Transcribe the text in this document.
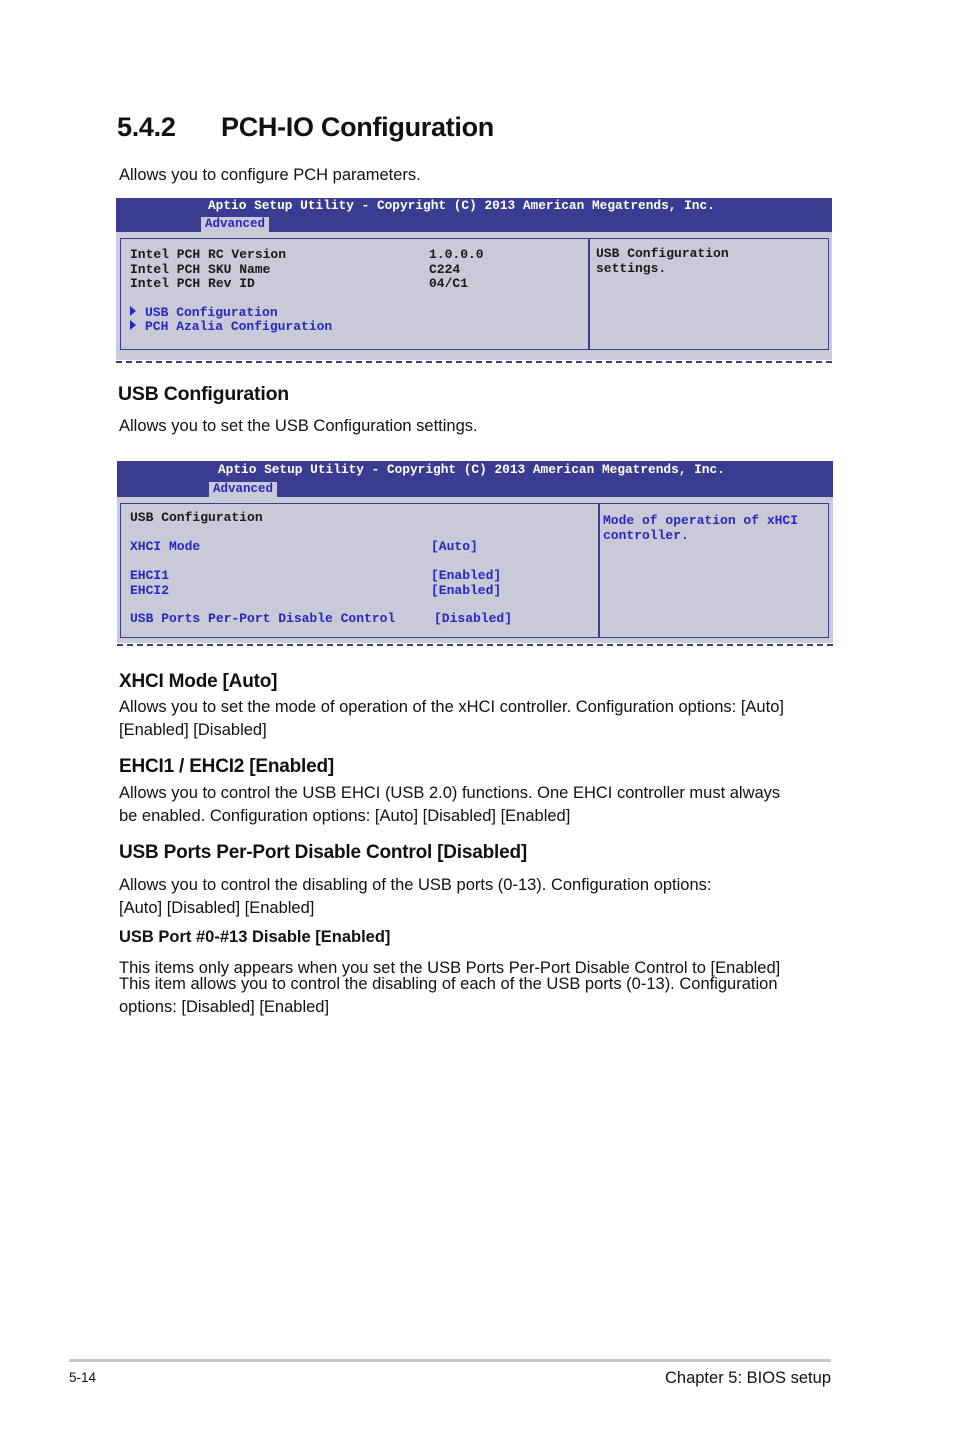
5.4.2 PCH-IO Configuration

Allows you to configure PCH parameters.

Aptio Setup Utility - Copyright (C) 2013 American Megatrends, Inc.
Advanced
Intel PCH RC Version	1.0.0.0
Intel PCH SKU Name	C224
Intel PCH Rev ID	04/C1
USB Configuration
PCH Azalia Configuration
USB Configuration
settings.
USB Configuration

Allows you to set the USB Configuration settings.

Aptio Setup Utility - Copyright (C) 2013 American Megatrends, Inc.
Advanced
USB Configuration
XHCI Mode	[Auto]
EHCI1	[Enabled]
EHCI2	[Enabled]
USB Ports Per-Port Disable Control	[Disabled]
Mode of operation of xHCI
controller.
XHCI Mode [Auto]

Allows you to set the mode of operation of the xHCI controller. Configuration options: [Auto]

[Enabled] [Disabled]

EHCI1 / EHCI2 [Enabled]

Allows you to control the USB EHCI (USB 2.0) functions. One EHCI controller must always

be enabled. Configuration options: [Auto] [Disabled] [Enabled]

USB Ports Per-Port Disable Control [Disabled]

Allows you to control the disabling of the USB ports (0-13). Configuration options:

[Auto] [Disabled] [Enabled]

USB Port #0-#13 Disable [Enabled]

This items only appears when you set the USB Ports Per-Port Disable Control to [Enabled]

This item allows you to control the disabling of each of the USB ports (0-13). Configuration

options: [Disabled] [Enabled]

5-14	Chapter 5: BIOS setup
